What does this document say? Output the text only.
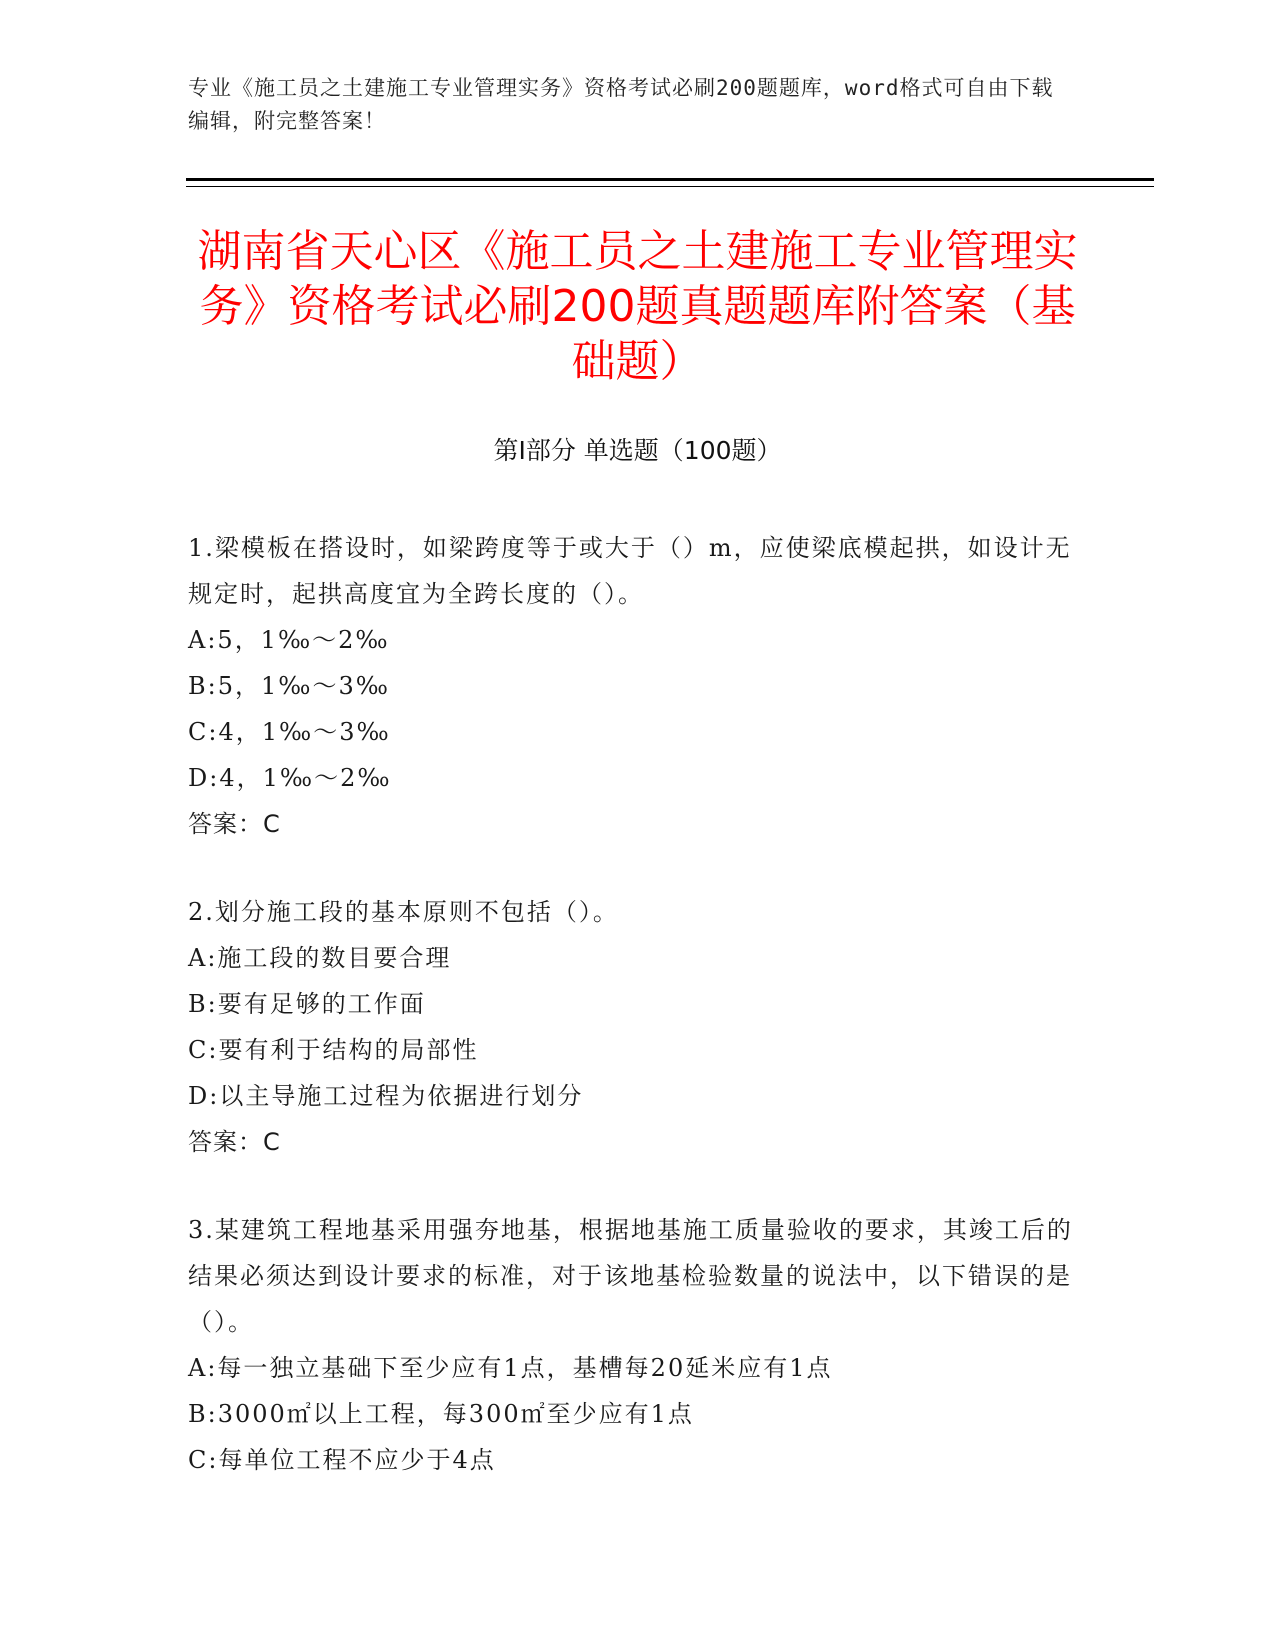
专业《施工员之土建施工专业管理实务》资格考试必刷200题题库，word格式可自由下载编辑，附完整答案！

湖南省天心区《施工员之土建施工专业管理实务》资格考试必刷200题真题题库附答案（基础题）
第Ⅰ部分 单选题（100题）

1.梁模板在搭设时，如梁跨度等于或大于（）m，应使梁底模起拱，如设计无规定时，起拱高度宜为全跨长度的（）。

A:5，1‰～2‰

B:5，1‰～3‰

C:4，1‰～3‰

D:4，1‰～2‰

答案：C

2.划分施工段的基本原则不包括（）。

A:施工段的数目要合理

B:要有足够的工作面

C:要有利于结构的局部性

D:以主导施工过程为依据进行划分

答案：C

3.某建筑工程地基采用强夯地基，根据地基施工质量验收的要求，其竣工后的结果必须达到设计要求的标准，对于该地基检验数量的说法中，以下错误的是（）。

A:每一独立基础下至少应有1点，基槽每20延米应有1点

B:3000㎡以上工程，每300㎡至少应有1点

C:每单位工程不应少于4点
